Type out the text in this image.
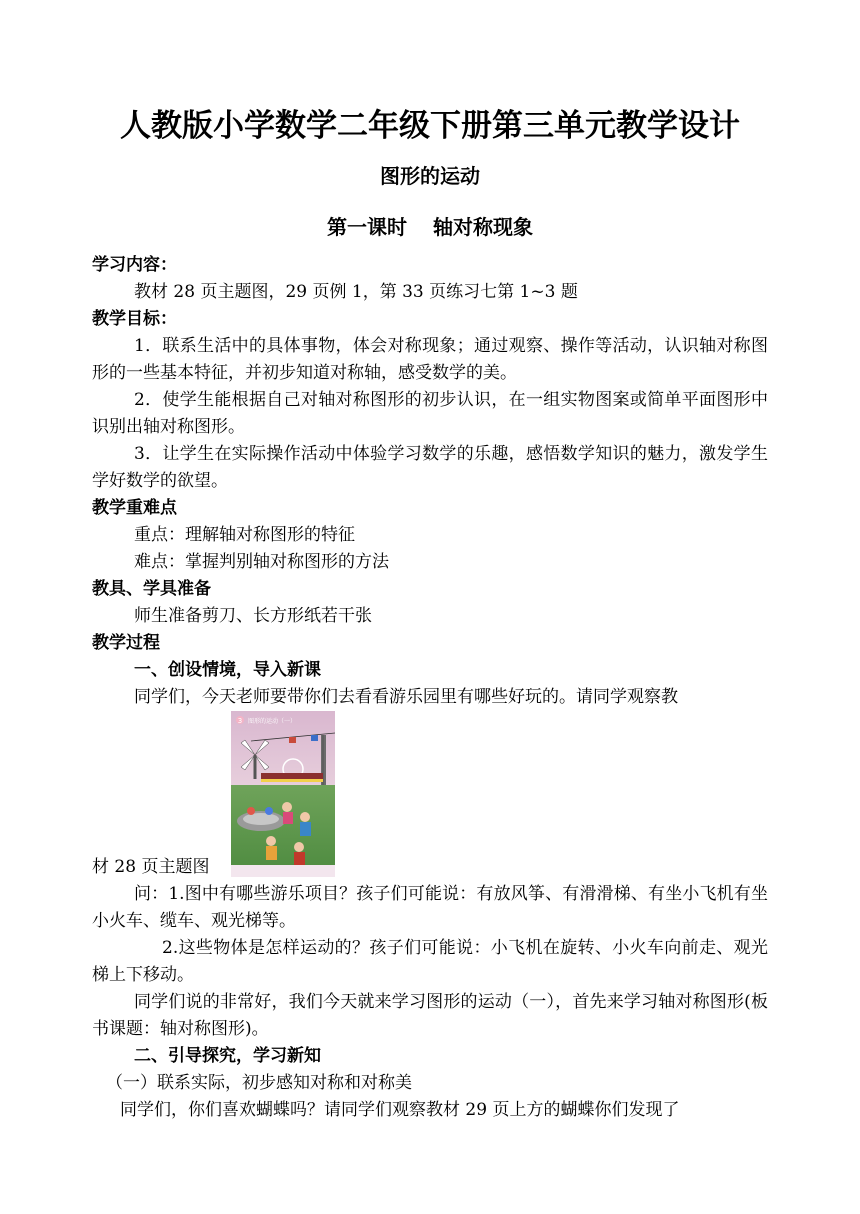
人教版小学数学二年级下册第三单元教学设计
图形的运动
第一课时 轴对称现象

学习内容：

教材 28 页主题图，29 页例 1，第 33 页练习七第 1~3 题

教学目标：

1．联系生活中的具体事物，体会对称现象；通过观察、操作等活动，认识轴对称图形的一些基本特征，并初步知道对称轴，感受数学的美。

2．使学生能根据自己对轴对称图形的初步认识，在一组实物图案或简单平面图形中识别出轴对称图形。

3．让学生在实际操作活动中体验学习数学的乐趣，感悟数学知识的魅力，激发学生学好数学的欲望。

教学重难点

重点：理解轴对称图形的特征

难点：掌握判别轴对称图形的方法

教具、学具准备

师生准备剪刀、长方形纸若干张

教学过程

一、创设情境，导入新课

同学们，今天老师要带你们去看看游乐园里有哪些好玩的。请同学观察教

材 28 页主题图
3 图形的运动（一）

问：1.图中有哪些游乐项目？孩子们可能说：有放风筝、有滑滑梯、有坐小飞机有坐小火车、缆车、观光梯等。

2.这些物体是怎样运动的？孩子们可能说：小飞机在旋转、小火车向前走、观光梯上下移动。

同学们说的非常好，我们今天就来学习图形的运动（一），首先来学习轴对称图形(板书课题：轴对称图形)。

二、引导探究，学习新知

（一）联系实际，初步感知对称和对称美

同学们，你们喜欢蝴蝶吗？请同学们观察教材 29 页上方的蝴蝶你们发现了
